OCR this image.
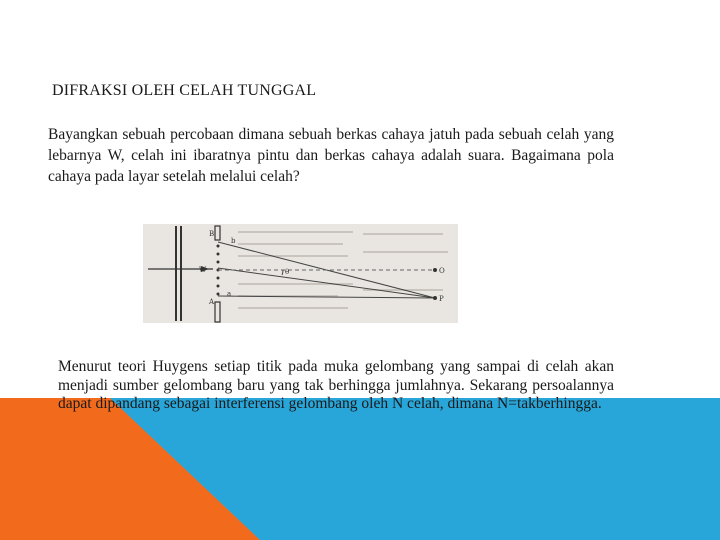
DIFRAKSI OLEH CELAH TUNGGAL
Bayangkan sebuah percobaan dimana sebuah berkas cahaya jatuh pada sebuah celah yang lebarnya W, celah ini ibaratnya pintu dan berkas cahaya adalah suara. Bagaimana pola cahaya pada layar setelah melalui celah?
B
b
W	θ
a
A
O
P
Menurut teori Huygens setiap titik pada muka gelombang yang sampai di celah akan menjadi sumber gelombang baru yang tak berhingga jumlahnya. Sekarang persoalannya dapat dipandang sebagai interferensi gelombang oleh N celah, dimana N=takberhingga.
